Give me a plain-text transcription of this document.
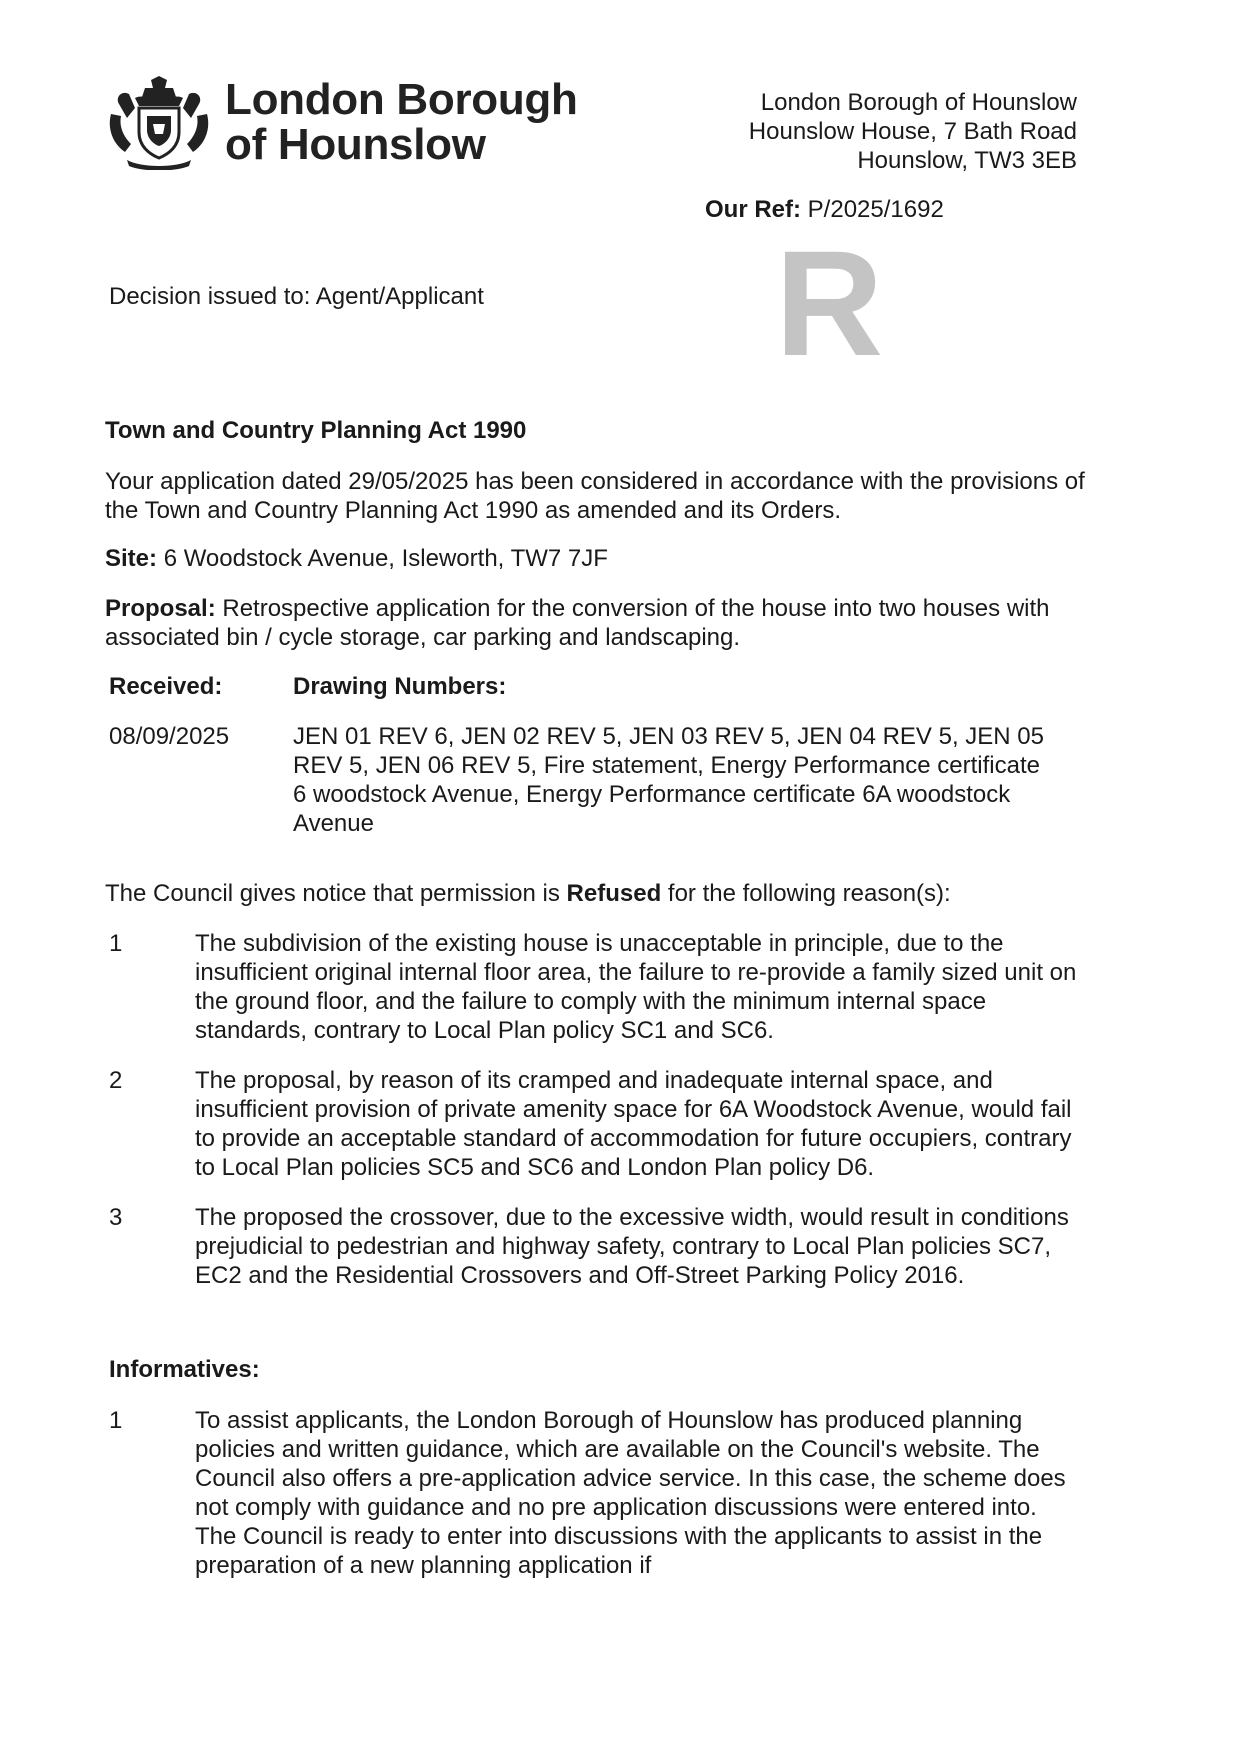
London Borough
of Hounslow
London Borough of Hounslow
Hounslow House, 7 Bath Road
Hounslow, TW3 3EB
Our Ref: P/2025/1692
Decision issued to: Agent/Applicant R
Town and Country Planning Act 1990
Your application dated 29/05/2025 has been considered in accordance with the provisions of the Town and Country Planning Act 1990 as amended and its Orders.
Site: 6 Woodstock Avenue, Isleworth, TW7 7JF
Proposal: Retrospective application for the conversion of the house into two houses with associated bin / cycle storage, car parking and landscaping.
Received:	Drawing Numbers:
08/09/2025	JEN 01 REV 6, JEN 02 REV 5, JEN 03 REV 5, JEN 04 REV 5, JEN 05 REV 5, JEN 06 REV 5, Fire statement, Energy Performance certificate 6 woodstock Avenue, Energy Performance certificate 6A woodstock Avenue
The Council gives notice that permission is Refused for the following reason(s):
1	The subdivision of the existing house is unacceptable in principle, due to the insufficient original internal floor area, the failure to re-provide a family sized unit on the ground floor, and the failure to comply with the minimum internal space standards, contrary to Local Plan policy SC1 and SC6.
2	The proposal, by reason of its cramped and inadequate internal space, and insufficient provision of private amenity space for 6A Woodstock Avenue, would fail to provide an acceptable standard of accommodation for future occupiers, contrary to Local Plan policies SC5 and SC6 and London Plan policy D6.
3	The proposed the crossover, due to the excessive width, would result in conditions prejudicial to pedestrian and highway safety, contrary to Local Plan policies SC7, EC2 and the Residential Crossovers and Off-Street Parking Policy 2016.
Informatives:
1	To assist applicants, the London Borough of Hounslow has produced planning policies and written guidance, which are available on the Council's website. The Council also offers a pre-application advice service. In this case, the scheme does not comply with guidance and no pre application discussions were entered into. The Council is ready to enter into discussions with the applicants to assist in the preparation of a new planning application if
